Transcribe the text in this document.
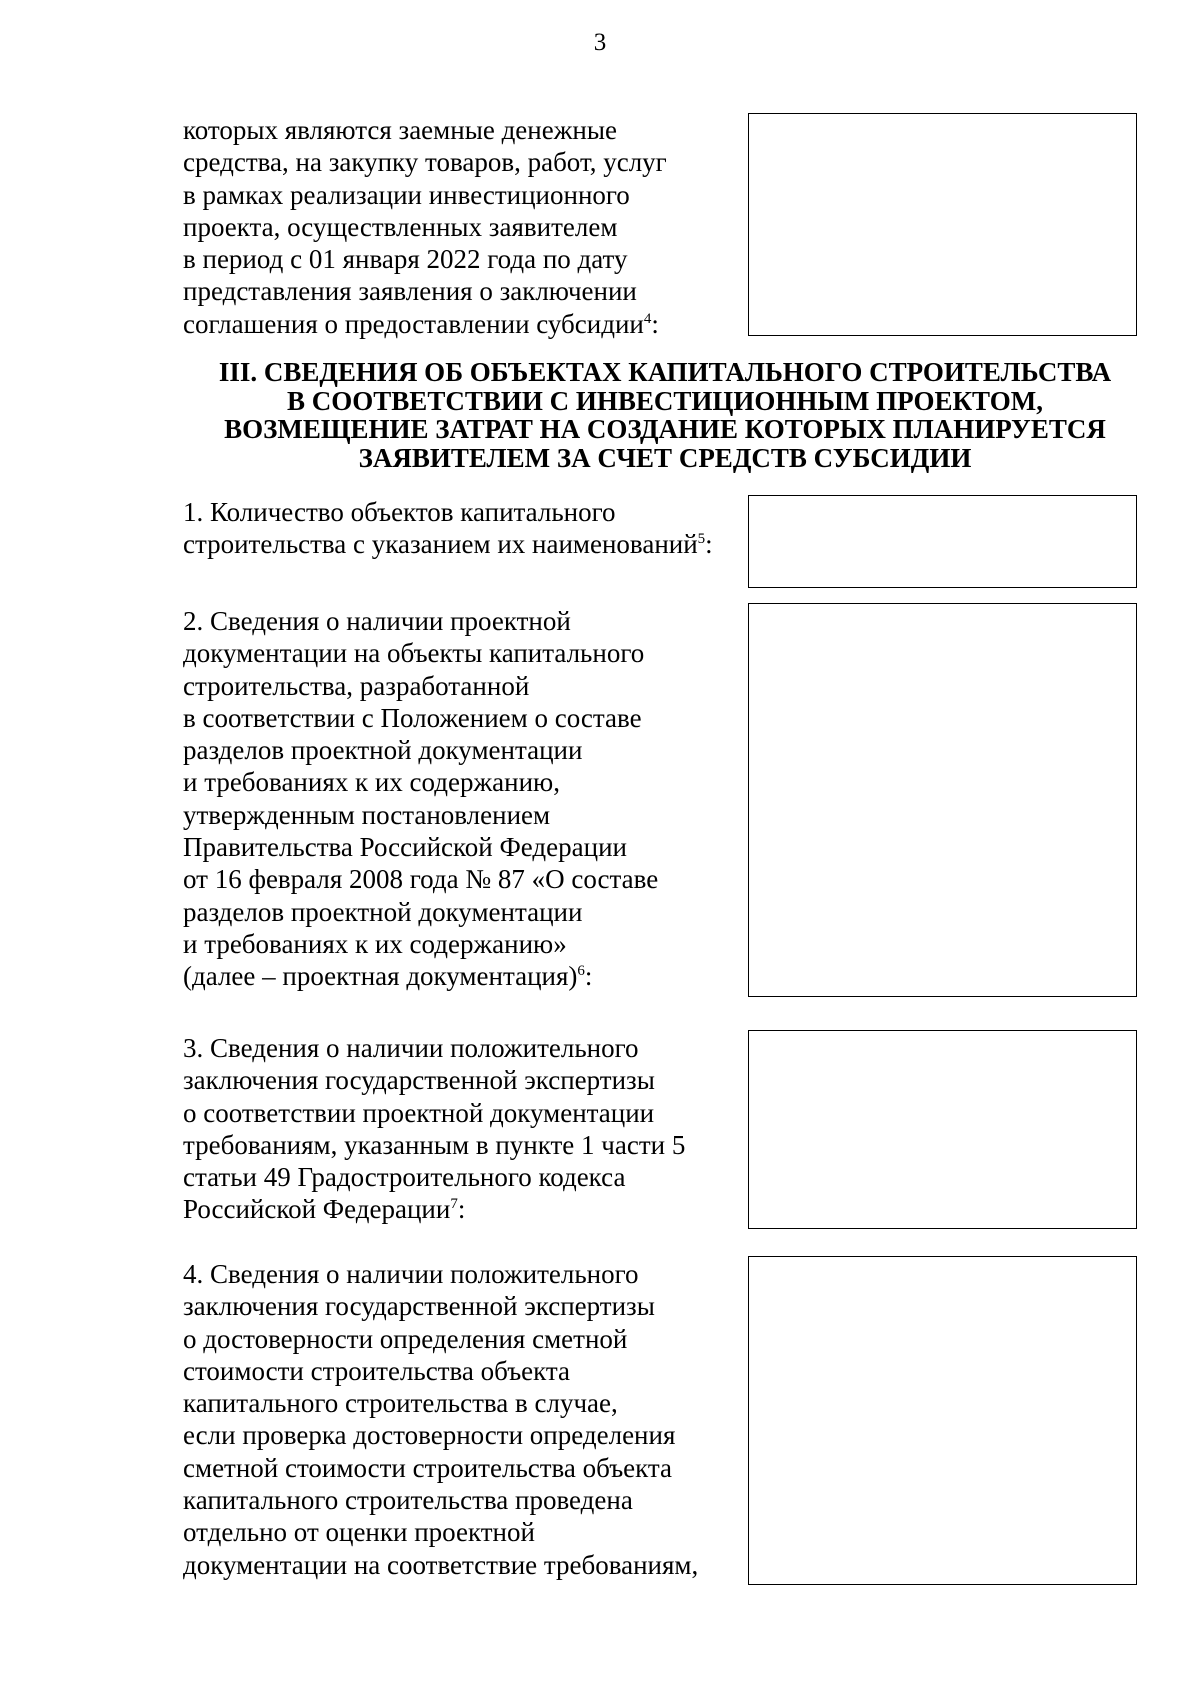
3
которых являются заемные денежные
средства, на закупку товаров, работ, услуг
в рамках реализации инвестиционного
проекта, осуществленных заявителем
в период с 01 января 2022 года по дату
представления заявления о заключении
соглашения о предоставлении субсидии$^4$:
III. СВЕДЕНИЯ ОБ ОБЪЕКТАХ КАПИТАЛЬНОГО СТРОИТЕЛЬСТВА
В СООТВЕТСТВИИ С ИНВЕСТИЦИОННЫМ ПРОЕКТОМ,
ВОЗМЕЩЕНИЕ ЗАТРАТ НА СОЗДАНИЕ КОТОРЫХ ПЛАНИРУЕТСЯ
ЗАЯВИТЕЛЕМ ЗА СЧЕТ СРЕДСТВ СУБСИДИИ
1. Количество объектов капитального
строительства с указанием их наименований$^5$:
2. Сведения о наличии проектной
документации на объекты капитального
строительства, разработанной
в соответствии с Положением о составе
разделов проектной документации
и требованиях к их содержанию,
утвержденным постановлением
Правительства Российской Федерации
от 16 февраля 2008 года № 87 «О составе
разделов проектной документации
и требованиях к их содержанию»
(далее – проектная документация)$^6$:
3. Сведения о наличии положительного
заключения государственной экспертизы
о соответствии проектной документации
требованиям, указанным в пункте 1 части 5
статьи 49 Градостроительного кодекса
Российской Федерации$^7$:
4. Сведения о наличии положительного
заключения государственной экспертизы
о достоверности определения сметной
стоимости строительства объекта
капитального строительства в случае,
если проверка достоверности определения
сметной стоимости строительства объекта
капитального строительства проведена
отдельно от оценки проектной
документации на соответствие требованиям,
